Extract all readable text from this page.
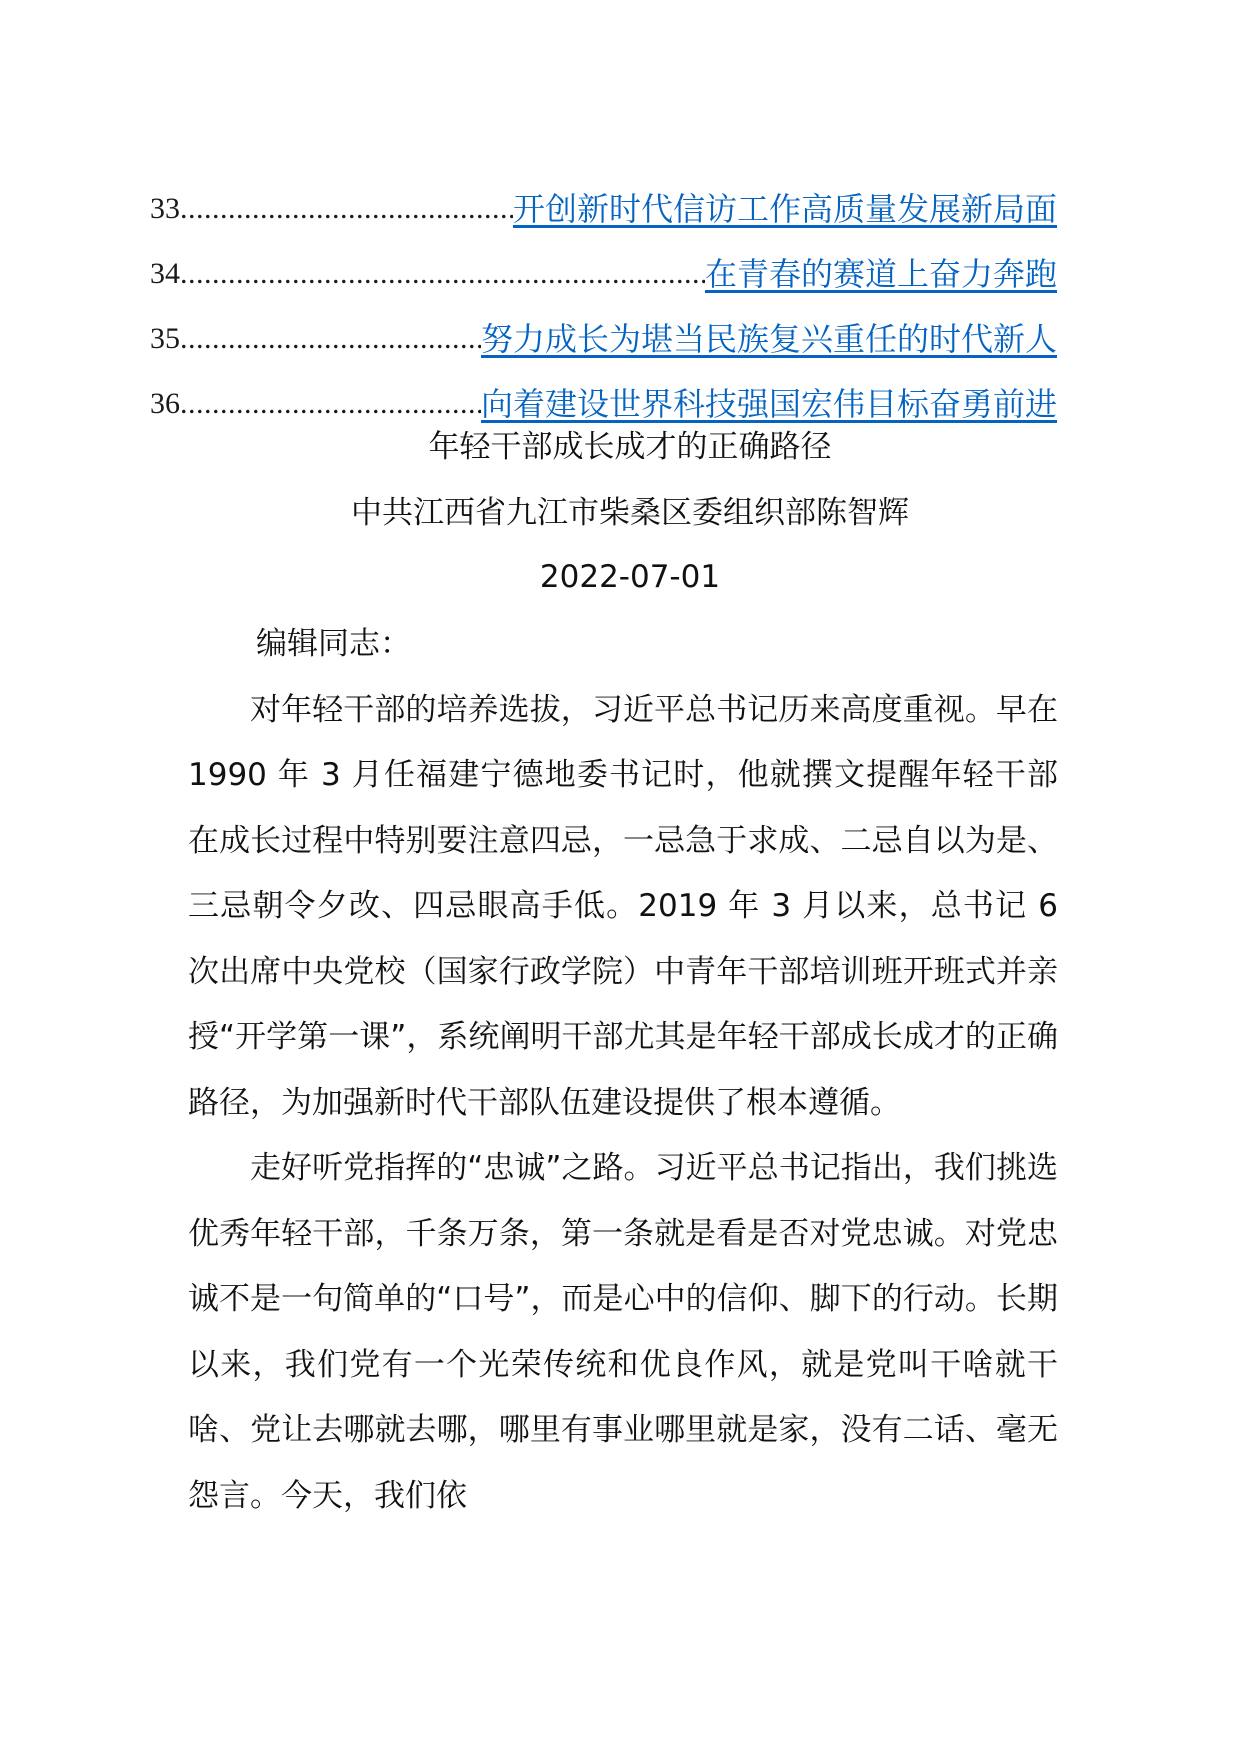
33 .....	开创新时代信访工作高质量发展新局面
34 .....	在青春的赛道上奋力奔跑
35 .....	努力成长为堪当民族复兴重任的时代新人
36 .....	向着建设世界科技强国宏伟目标奋勇前进
年轻干部成长成才的正确路径
中共江西省九江市柴桑区委组织部陈智辉
2022-07-01

编辑同志：

对年轻干部的培养选拔，习近平总书记历来高度重视。早在 1990 年 3 月任福建宁德地委书记时，他就撰文提醒年轻干部在成长过程中特别要注意四忌，一忌急于求成、二忌自以为是、三忌朝令夕改、四忌眼高手低。2019 年 3 月以来，总书记 6 次出席中央党校（国家行政学院）中青年干部培训班开班式并亲授“开学第一课”，系统阐明干部尤其是年轻干部成长成才的正确路径，为加强新时代干部队伍建设提供了根本遵循。

走好听党指挥的“忠诚”之路。习近平总书记指出，我们挑选优秀年轻干部，千条万条，第一条就是看是否对党忠诚。对党忠诚不是一句简单的“口号”，而是心中的信仰、脚下的行动。长期以来，我们党有一个光荣传统和优良作风，就是党叫干啥就干啥、党让去哪就去哪，哪里有事业哪里就是家，没有二话、毫无怨言。今天，我们依
